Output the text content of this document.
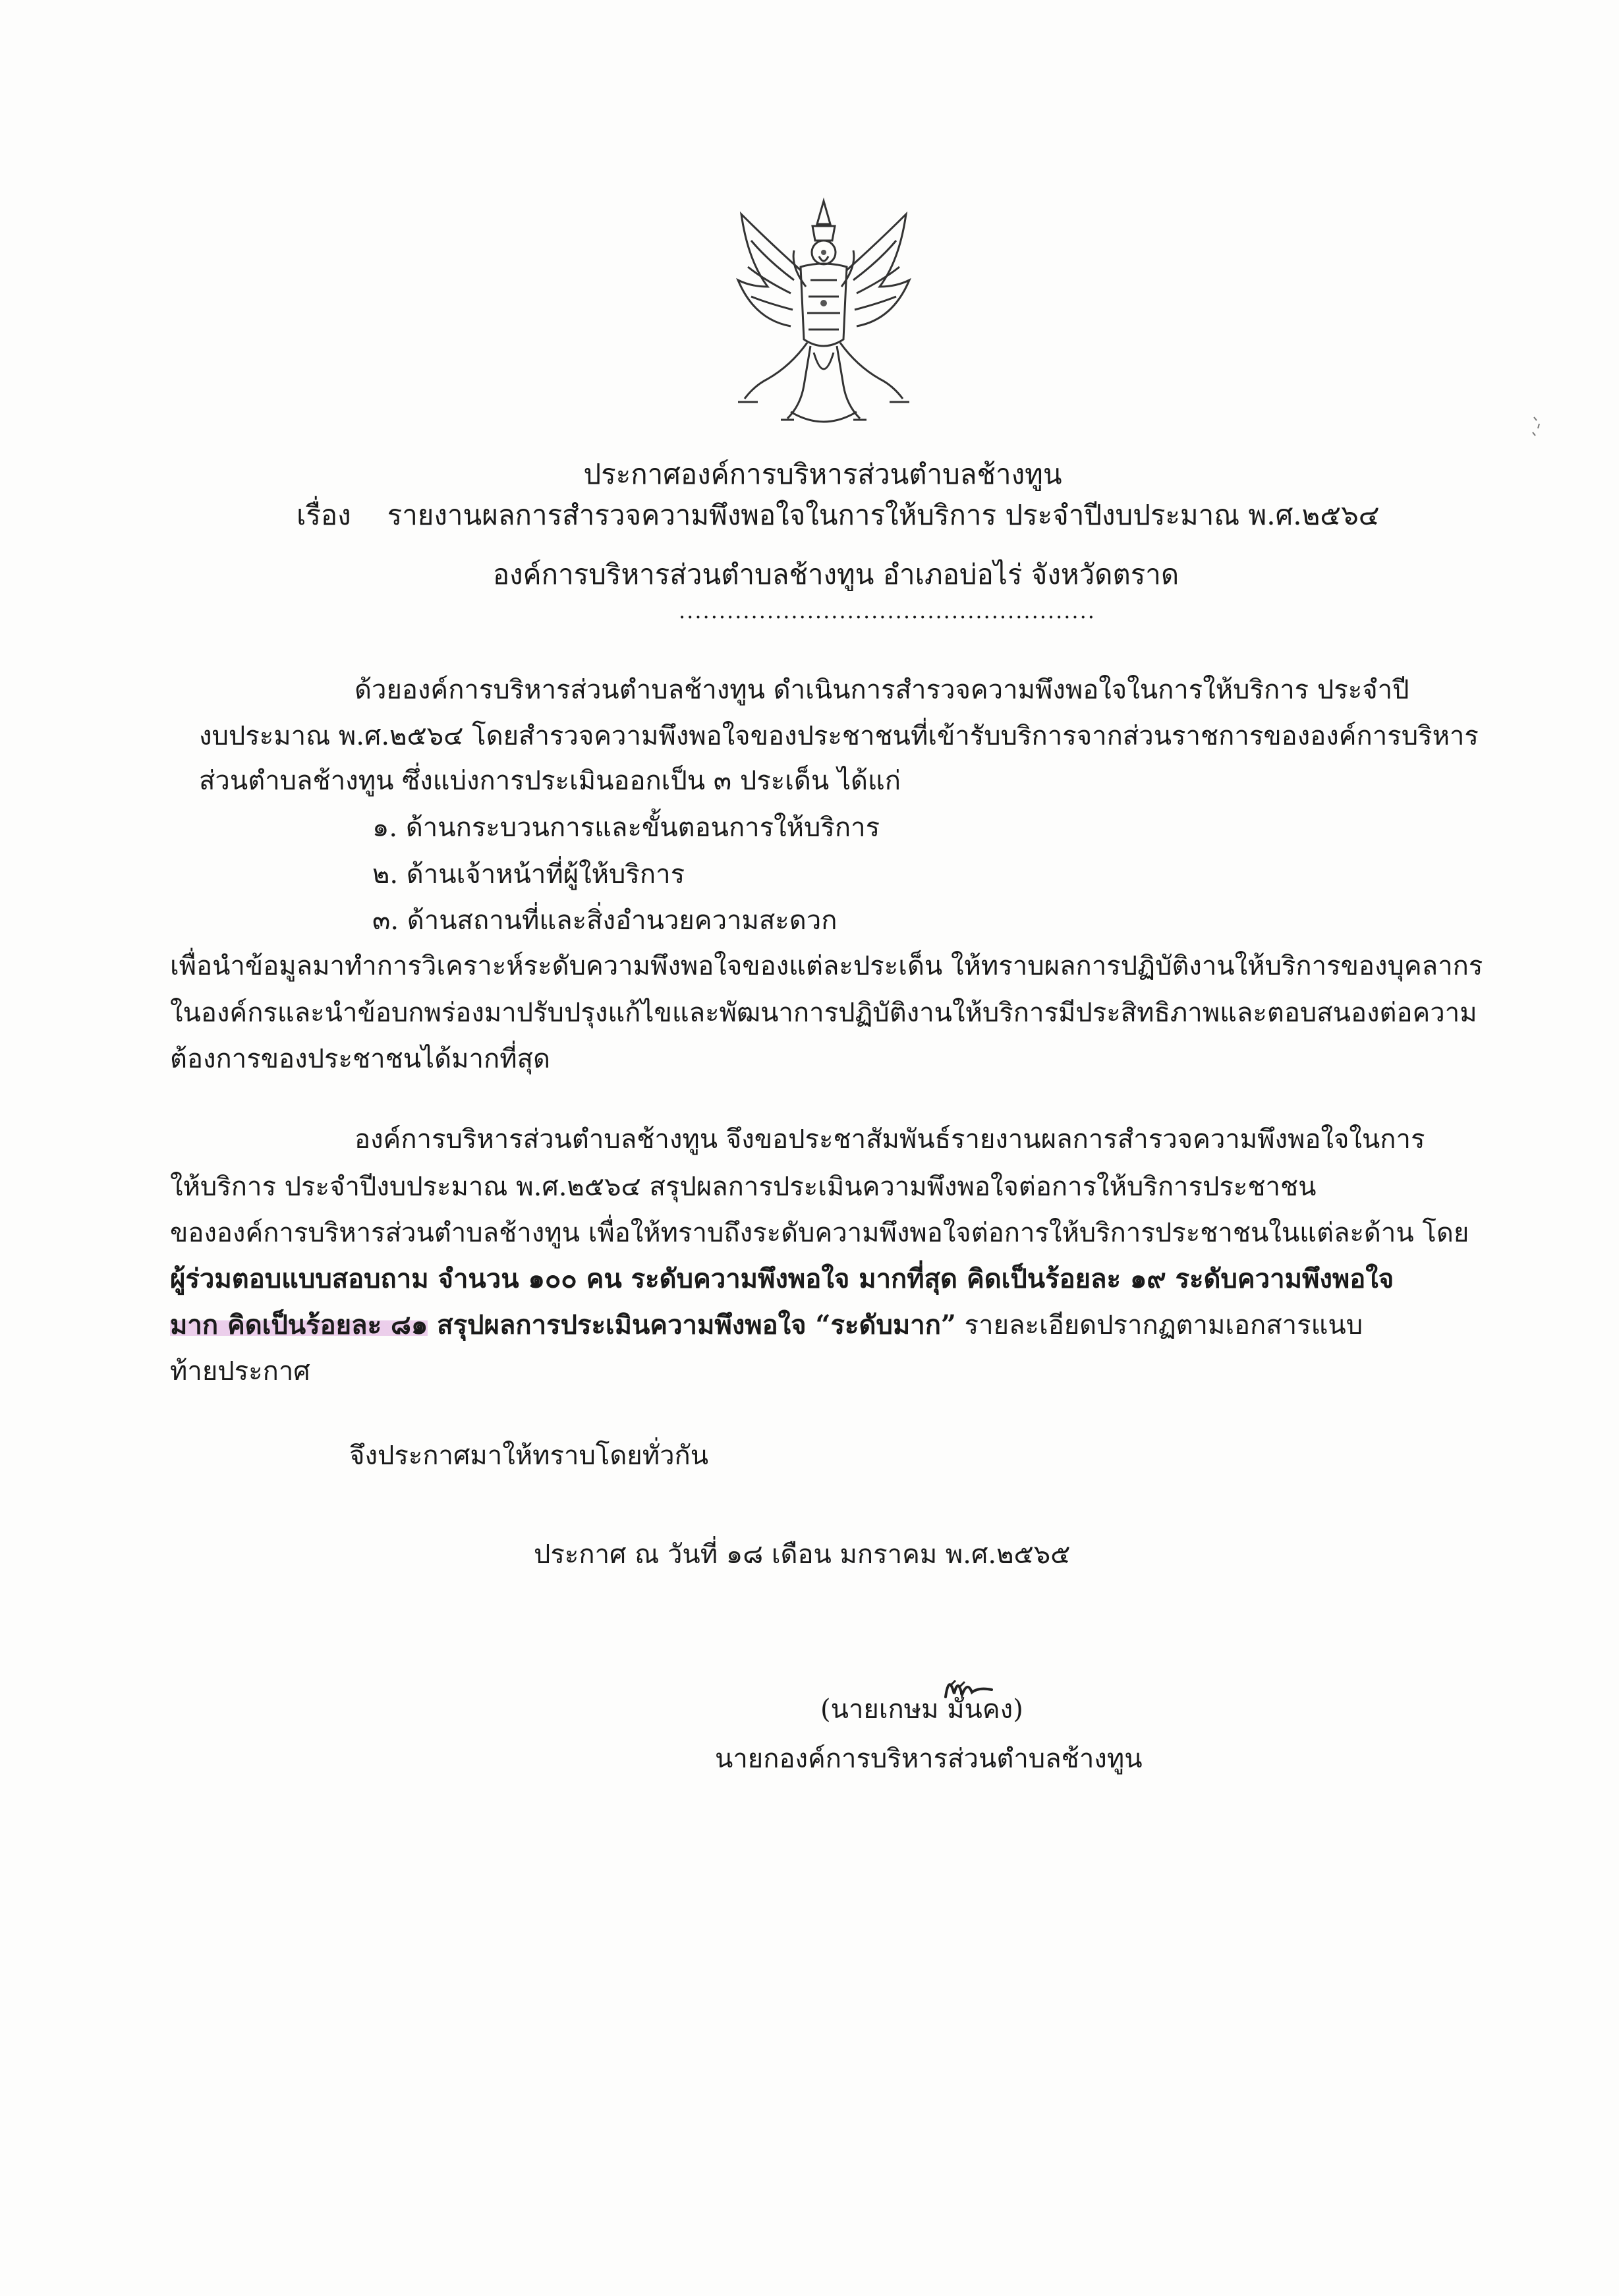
ประกาศองค์การบริหารส่วนตำบลช้างทูน
เรื่อง รายงานผลการสำรวจความพึงพอใจในการให้บริการ ประจำปีงบประมาณ พ.ศ.๒๕๖๔
องค์การบริหารส่วนตำบลช้างทูน อำเภอบ่อไร่ จังหวัดตราด
....................................................
ด้วยองค์การบริหารส่วนตำบลช้างทูน ดำเนินการสำรวจความพึงพอใจในการให้บริการ ประจำปี
งบประมาณ พ.ศ.๒๕๖๔ โดยสำรวจความพึงพอใจของประชาชนที่เข้ารับบริการจากส่วนราชการขององค์การบริหาร
ส่วนตำบลช้างทูน ซึ่งแบ่งการประเมินออกเป็น ๓ ประเด็น ได้แก่
๑. ด้านกระบวนการและขั้นตอนการให้บริการ
๒. ด้านเจ้าหน้าที่ผู้ให้บริการ
๓. ด้านสถานที่และสิ่งอำนวยความสะดวก
เพื่อนำข้อมูลมาทำการวิเคราะห์ระดับความพึงพอใจของแต่ละประเด็น ให้ทราบผลการปฏิบัติงานให้บริการของบุคลากร
ในองค์กรและนำข้อบกพร่องมาปรับปรุงแก้ไขและพัฒนาการปฏิบัติงานให้บริการมีประสิทธิภาพและตอบสนองต่อความ
ต้องการของประชาชนได้มากที่สุด
องค์การบริหารส่วนตำบลช้างทูน จึงขอประชาสัมพันธ์รายงานผลการสำรวจความพึงพอใจในการ
ให้บริการ ประจำปีงบประมาณ พ.ศ.๒๕๖๔ สรุปผลการประเมินความพึงพอใจต่อการให้บริการประชาชน
ขององค์การบริหารส่วนตำบลช้างทูน เพื่อให้ทราบถึงระดับความพึงพอใจต่อการให้บริการประชาชนในแต่ละด้าน โดย
ผู้ร่วมตอบแบบสอบถาม จำนวน ๑๐๐ คน ระดับความพึงพอใจ มากที่สุด คิดเป็นร้อยละ ๑๙ ระดับความพึงพอใจ
มาก คิดเป็นร้อยละ ๘๑ สรุปผลการประเมินความพึงพอใจ “ระดับมาก” รายละเอียดปรากฏตามเอกสารแนบ
ท้ายประกาศ
จึงประกาศมาให้ทราบโดยทั่วกัน
ประกาศ ณ วันที่ ๑๘ เดือน มกราคม พ.ศ.๒๕๖๕
(นายเกษม มั่นคง)
นายกองค์การบริหารส่วนตำบลช้างทูน
